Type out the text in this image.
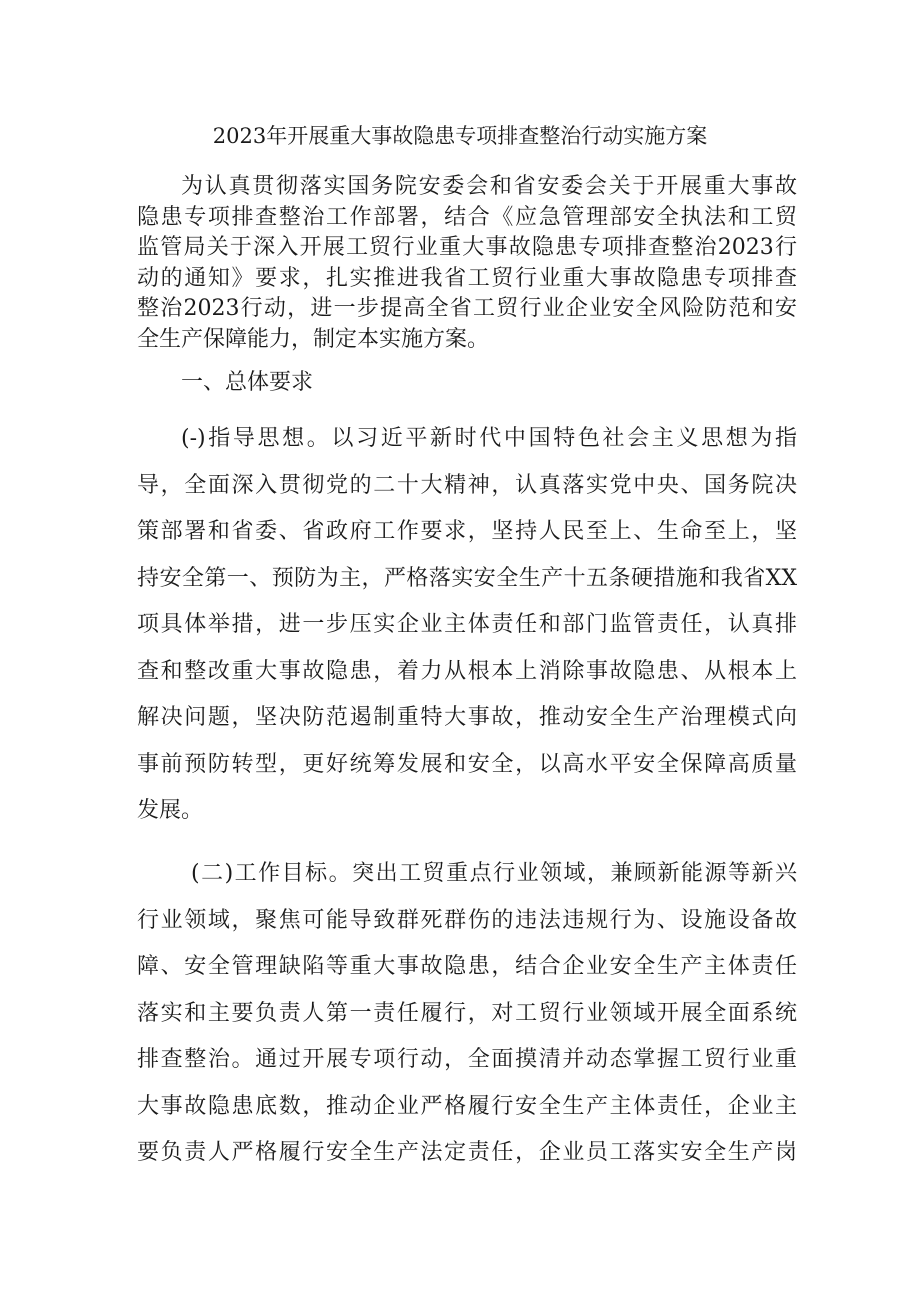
2023年开展重大事故隐患专项排查整治行动实施方案
为认真贯彻落实国务院安委会和省安委会关于开展重大事故
隐患专项排查整治工作部署，结合《应急管理部安全执法和工贸
监管局关于深入开展工贸行业重大事故隐患专项排查整治2023行
动的通知》要求，扎实推进我省工贸行业重大事故隐患专项排查
整治2023行动，进一步提高全省工贸行业企业安全风险防范和安
全生产保障能力，制定本实施方案。
一、总体要求
(-)指导思想。以习近平新时代中国特色社会主义思想为指
导，全面深入贯彻党的二十大精神，认真落实党中央、国务院决
策部署和省委、省政府工作要求，坚持人民至上、生命至上，坚
持安全第一、预防为主，严格落实安全生产十五条硬措施和我省XX
项具体举措，进一步压实企业主体责任和部门监管责任，认真排
查和整改重大事故隐患，着力从根本上消除事故隐患、从根本上
解决问题，坚决防范遏制重特大事故，推动安全生产治理模式向
事前预防转型，更好统筹发展和安全，以高水平安全保障高质量
发展。
(二)工作目标。突出工贸重点行业领域，兼顾新能源等新兴
行业领域，聚焦可能导致群死群伤的违法违规行为、设施设备故
障、安全管理缺陷等重大事故隐患，结合企业安全生产主体责任
落实和主要负责人第一责任履行，对工贸行业领域开展全面系统
排查整治。通过开展专项行动，全面摸清并动态掌握工贸行业重
大事故隐患底数，推动企业严格履行安全生产主体责任，企业主
要负责人严格履行安全生产法定责任，企业员工落实安全生产岗
